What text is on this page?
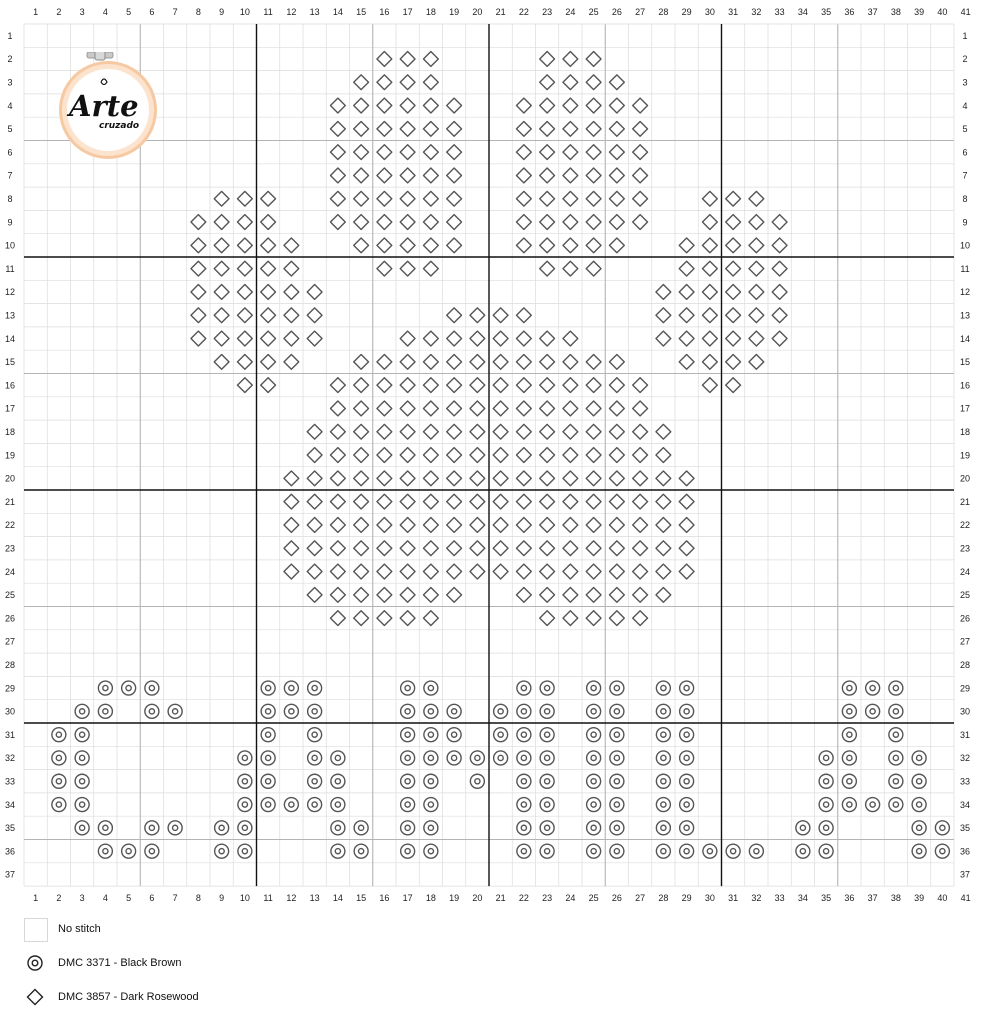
1 2 3 4 5 6 7 8 9 10 11 12 13 14 15 16 17 18 19 20 21 22 23 24 25 26 27 28 29 30 31 32 33 34 35 36 37 38 39 40 41
1 2 3 4 5 6 7 8 9 10 11 12 13 14 15 16 17 18 19 20 21 22 23 24 25 26 27 28 29 30 31 32 33 34 35 36 37 38 39 40 41
1
2
3
4
5
6
7
8
9
10
11
12
13
14
15
16
17
18
19
20
21
22
23
24
25
26
27
28
29
30
31
32
33
34
35
36
37
1
2
3
4
5
6
7
8
9
10
11
12
13
14
15
16
17
18
19
20
21
22
23
24
25
26
27
28
29
30
31
32
33
34
35
36
37
Arte
cruzado
No stitch
DMC 3371 - Black Brown
DMC 3857 - Dark Rosewood
